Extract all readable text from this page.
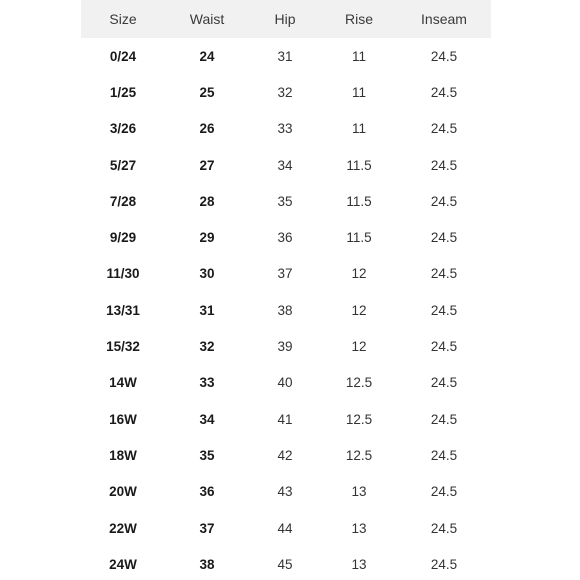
Size	Waist	Hip	Rise	Inseam
0/24	24	31	11	24.5
1/25	25	32	11	24.5
3/26	26	33	11	24.5
5/27	27	34	11.5	24.5
7/28	28	35	11.5	24.5
9/29	29	36	11.5	24.5
11/30	30	37	12	24.5
13/31	31	38	12	24.5
15/32	32	39	12	24.5
14W	33	40	12.5	24.5
16W	34	41	12.5	24.5
18W	35	42	12.5	24.5
20W	36	43	13	24.5
22W	37	44	13	24.5
24W	38	45	13	24.5
